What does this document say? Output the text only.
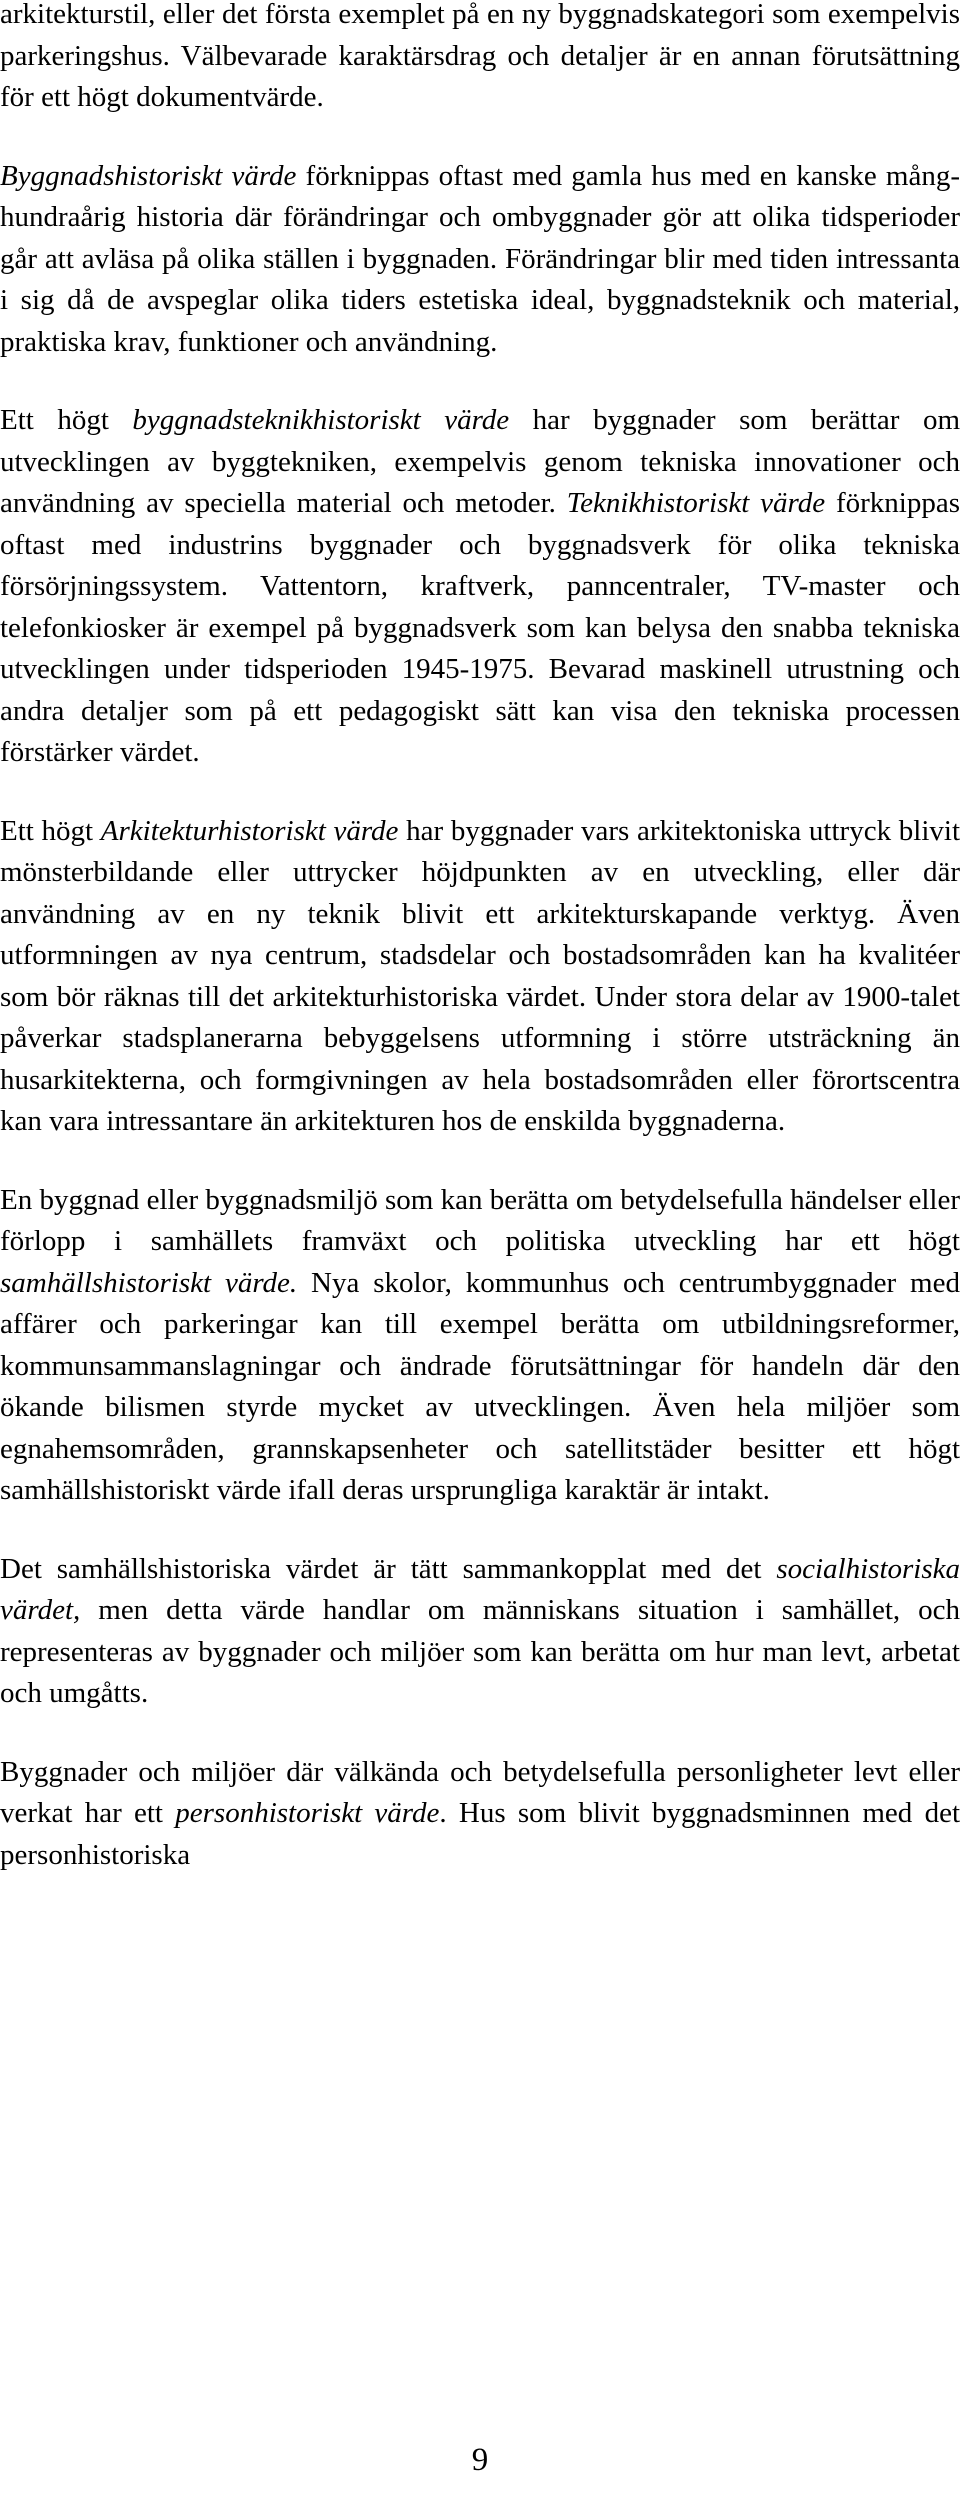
arkitekturstil, eller det första exemplet på en ny byggnadskategori som exempelvis parkeringshus. Välbevarade karaktärsdrag och detaljer är en annan förutsättning för ett högt dokumentvärde.

Byggnadshistoriskt värde förknippas oftast med gamla hus med en kanske månghundraårig historia där förändringar och ombyggnader gör att olika tidsperioder går att avläsa på olika ställen i byggnaden. Förändringar blir med tiden intressanta i sig då de avspeglar olika tiders estetiska ideal, byggnadsteknik och material, praktiska krav, funktioner och användning.

Ett högt byggnadsteknikhistoriskt värde har byggnader som berättar om utvecklingen av byggtekniken, exempelvis genom tekniska innovationer och användning av speciella material och metoder. Teknikhistoriskt värde förknippas oftast med industrins byggnader och byggnadsverk för olika tekniska försörjningssystem. Vattentorn, kraftverk, panncentraler, TV-master och telefonkiosker är exempel på byggnadsverk som kan belysa den snabba tekniska utvecklingen under tidsperioden 1945-1975. Bevarad maskinell utrustning och andra detaljer som på ett pedagogiskt sätt kan visa den tekniska processen förstärker värdet.

Ett högt Arkitekturhistoriskt värde har byggnader vars arkitektoniska uttryck blivit mönsterbildande eller uttrycker höjdpunkten av en utveckling, eller där användning av en ny teknik blivit ett arkitekturskapande verktyg. Även utformningen av nya centrum, stadsdelar och bostadsområden kan ha kvalitéer som bör räknas till det arkitekturhistoriska värdet. Under stora delar av 1900-talet påverkar stadsplanerarna bebyggelsens utformning i större utsträckning än husarkitekterna, och formgivningen av hela bostadsområden eller förortscentra kan vara intressantare än arkitekturen hos de enskilda byggnaderna.

En byggnad eller byggnadsmiljö som kan berätta om betydelsefulla händelser eller förlopp i samhällets framväxt och politiska utveckling har ett högt samhällshistoriskt värde. Nya skolor, kommunhus och centrumbyggnader med affärer och parkeringar kan till exempel berätta om utbildningsreformer, kommunsammanslagningar och ändrade förutsättningar för handeln där den ökande bilismen styrde mycket av utvecklingen. Även hela miljöer som egnahemsområden, grannskapsenheter och satellitstäder besitter ett högt samhällshistoriskt värde ifall deras ursprungliga karaktär är intakt.

Det samhällshistoriska värdet är tätt sammankopplat med det socialhistoriska värdet, men detta värde handlar om människans situation i samhället, och representeras av byggnader och miljöer som kan berätta om hur man levt, arbetat och umgåtts.

Byggnader och miljöer där välkända och betydelsefulla personligheter levt eller verkat har ett personhistoriskt värde. Hus som blivit byggnadsminnen med det personhistoriska

9
